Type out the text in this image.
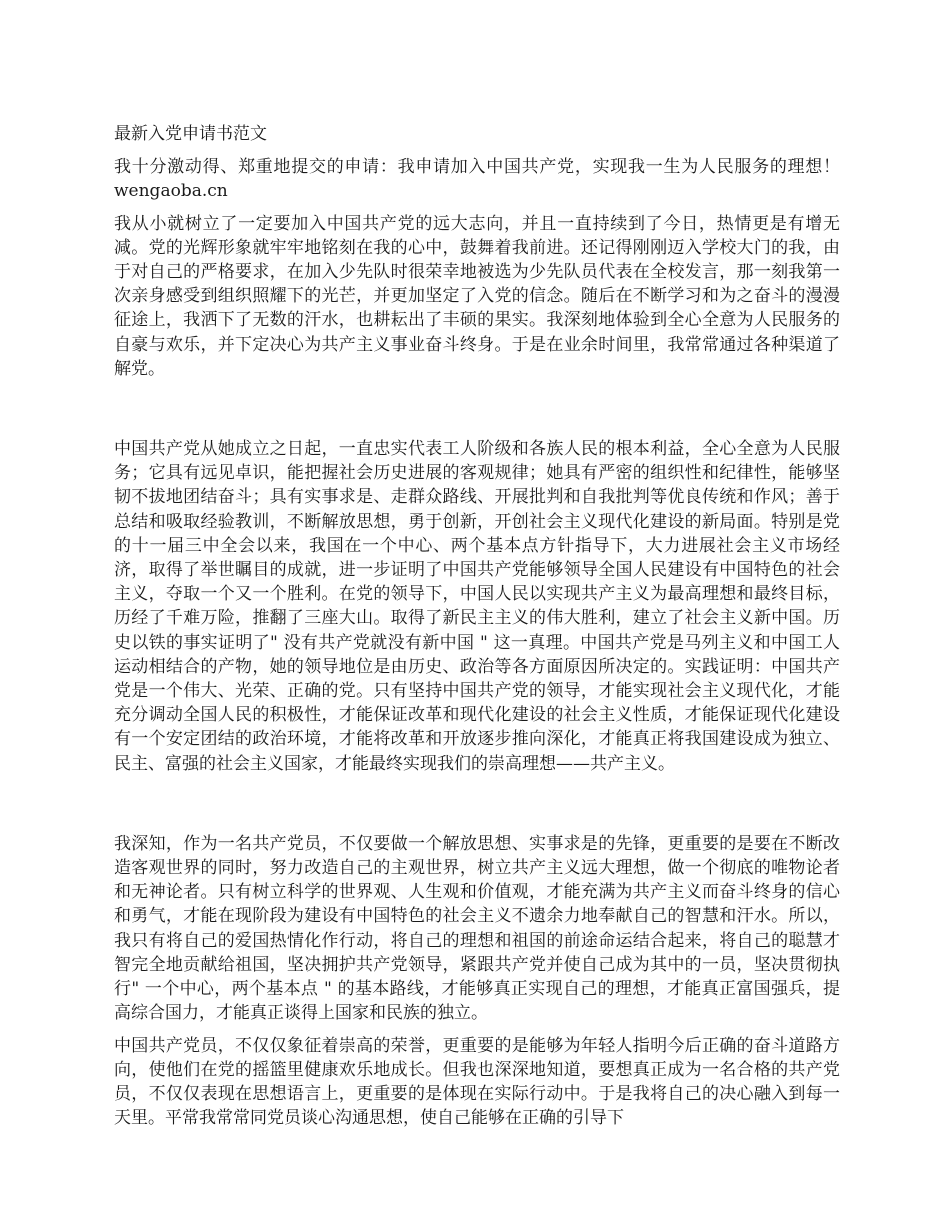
最新入党申请书范文

我十分激动得、郑重地提交的申请：我申请加入中国共产党，实现我一生为人民服务的理想！ wengaoba.cn

我从小就树立了一定要加入中国共产党的远大志向，并且一直持续到了今日，热情更是有增无减。党的光辉形象就牢牢地铭刻在我的心中，鼓舞着我前进。还记得刚刚迈入学校大门的我，由于对自己的严格要求，在加入少先队时很荣幸地被选为少先队员代表在全校发言，那一刻我第一次亲身感受到组织照耀下的光芒，并更加坚定了入党的信念。随后在不断学习和为之奋斗的漫漫征途上，我洒下了无数的汗水，也耕耘出了丰硕的果实。我深刻地体验到全心全意为人民服务的自豪与欢乐，并下定决心为共产主义事业奋斗终身。于是在业余时间里，我常常通过各种渠道了解党。

中国共产党从她成立之日起，一直忠实代表工人阶级和各族人民的根本利益，全心全意为人民服务；它具有远见卓识，能把握社会历史进展的客观规律；她具有严密的组织性和纪律性，能够坚韧不拔地团结奋斗；具有实事求是、走群众路线、开展批判和自我批判等优良传统和作风；善于总结和吸取经验教训，不断解放思想，勇于创新，开创社会主义现代化建设的新局面。特别是党的十一届三中全会以来，我国在一个中心、两个基本点方针指导下，大力进展社会主义市场经济，取得了举世瞩目的成就，进一步证明了中国共产党能够领导全国人民建设有中国特色的社会主义，夺取一个又一个胜利。在党的领导下，中国人民以实现共产主义为最高理想和最终目标，历经了千难万险，推翻了三座大山。取得了新民主主义的伟大胜利，建立了社会主义新中国。历史以铁的事实证明了" 没有共产党就没有新中国 " 这一真理。中国共产党是马列主义和中国工人运动相结合的产物，她的领导地位是由历史、政治等各方面原因所决定的。实践证明：中国共产党是一个伟大、光荣、正确的党。只有坚持中国共产党的领导，才能实现社会主义现代化，才能充分调动全国人民的积极性，才能保证改革和现代化建设的社会主义性质，才能保证现代化建设有一个安定团结的政治环境，才能将改革和开放逐步推向深化，才能真正将我国建设成为独立、民主、富强的社会主义国家，才能最终实现我们的崇高理想——共产主义。

我深知，作为一名共产党员，不仅要做一个解放思想、实事求是的先锋，更重要的是要在不断改造客观世界的同时，努力改造自己的主观世界，树立共产主义远大理想，做一个彻底的唯物论者和无神论者。只有树立科学的世界观、人生观和价值观，才能充满为共产主义而奋斗终身的信心和勇气，才能在现阶段为建设有中国特色的社会主义不遗余力地奉献自己的智慧和汗水。所以，我只有将自己的爱国热情化作行动，将自己的理想和祖国的前途命运结合起来，将自己的聪慧才智完全地贡献给祖国，坚决拥护共产党领导，紧跟共产党并使自己成为其中的一员，坚决贯彻执行" 一个中心，两个基本点 " 的基本路线，才能够真正实现自己的理想，才能真正富国强兵，提高综合国力，才能真正谈得上国家和民族的独立。

中国共产党员，不仅仅象征着崇高的荣誉，更重要的是能够为年轻人指明今后正确的奋斗道路方向，使他们在党的摇篮里健康欢乐地成长。但我也深深地知道，要想真正成为一名合格的共产党员，不仅仅表现在思想语言上，更重要的是体现在实际行动中。于是我将自己的决心融入到每一天里。平常我常常同党员谈心沟通思想，使自己能够在正确的引导下
